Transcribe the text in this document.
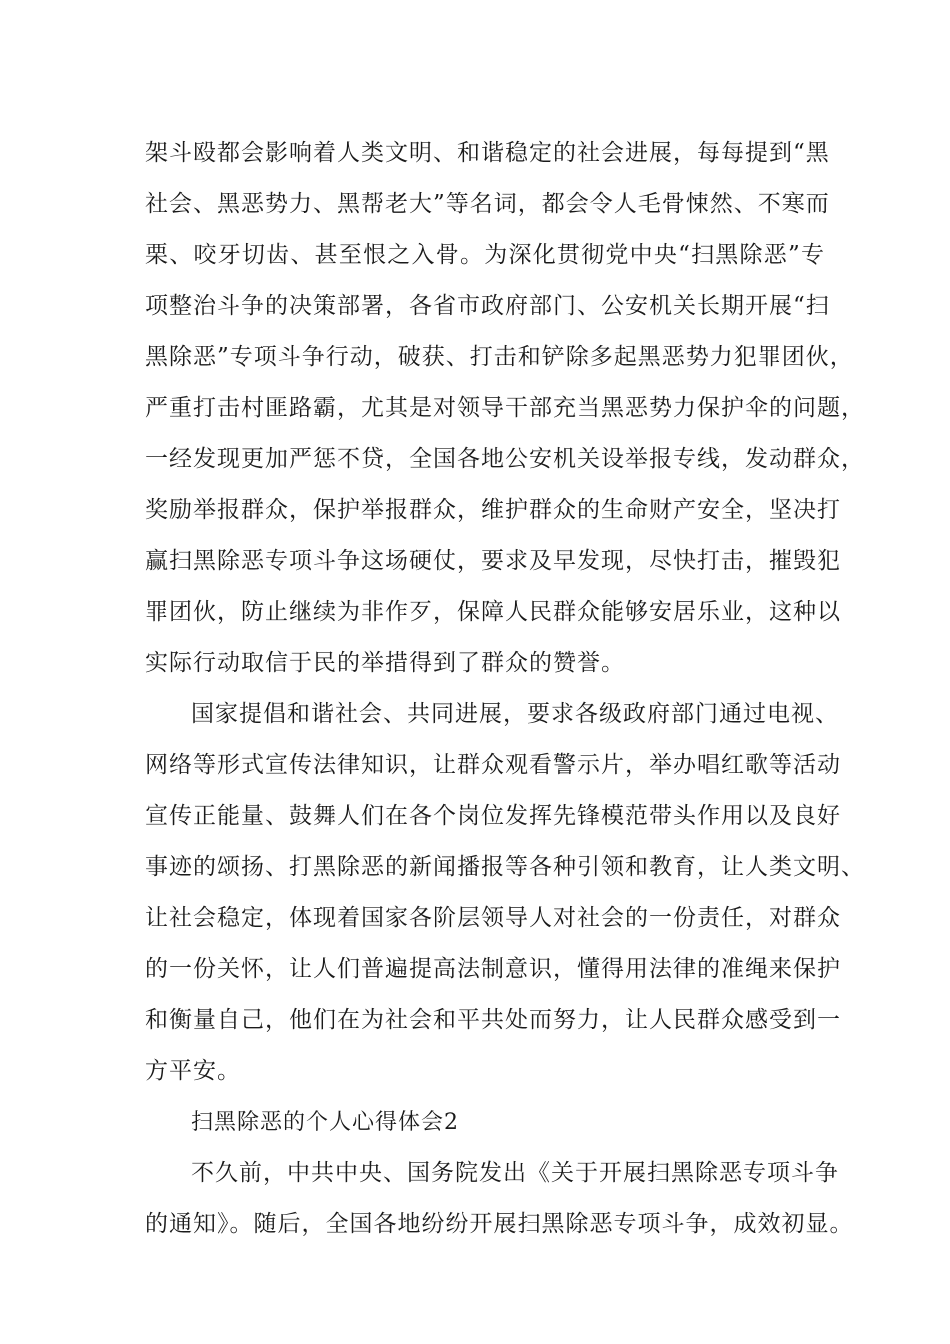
架斗殴都会影响着人类文明、和谐稳定的社会进展，每每提到“黑
社会、黑恶势力、黑帮老大”等名词，都会令人毛骨悚然、不寒而
栗、咬牙切齿、甚至恨之入骨。为深化贯彻党中央“扫黑除恶”专
项整治斗争的决策部署，各省市政府部门、公安机关长期开展“扫
黑除恶”专项斗争行动，破获、打击和铲除多起黑恶势力犯罪团伙，
严重打击村匪路霸，尤其是对领导干部充当黑恶势力保护伞的问题，
一经发现更加严惩不贷，全国各地公安机关设举报专线，发动群众，
奖励举报群众，保护举报群众，维护群众的生命财产安全，坚决打
赢扫黑除恶专项斗争这场硬仗，要求及早发现，尽快打击，摧毁犯
罪团伙，防止继续为非作歹，保障人民群众能够安居乐业，这种以
实际行动取信于民的举措得到了群众的赞誉。
国家提倡和谐社会、共同进展，要求各级政府部门通过电视、
网络等形式宣传法律知识，让群众观看警示片，举办唱红歌等活动
宣传正能量、鼓舞人们在各个岗位发挥先锋模范带头作用以及良好
事迹的颂扬、打黑除恶的新闻播报等各种引领和教育，让人类文明、
让社会稳定，体现着国家各阶层领导人对社会的一份责任，对群众
的一份关怀，让人们普遍提高法制意识，懂得用法律的准绳来保护
和衡量自己，他们在为社会和平共处而努力，让人民群众感受到一
方平安。
扫黑除恶的个人心得体会2
不久前，中共中央、国务院发出《关于开展扫黑除恶专项斗争
的通知》。随后，全国各地纷纷开展扫黑除恶专项斗争，成效初显。
